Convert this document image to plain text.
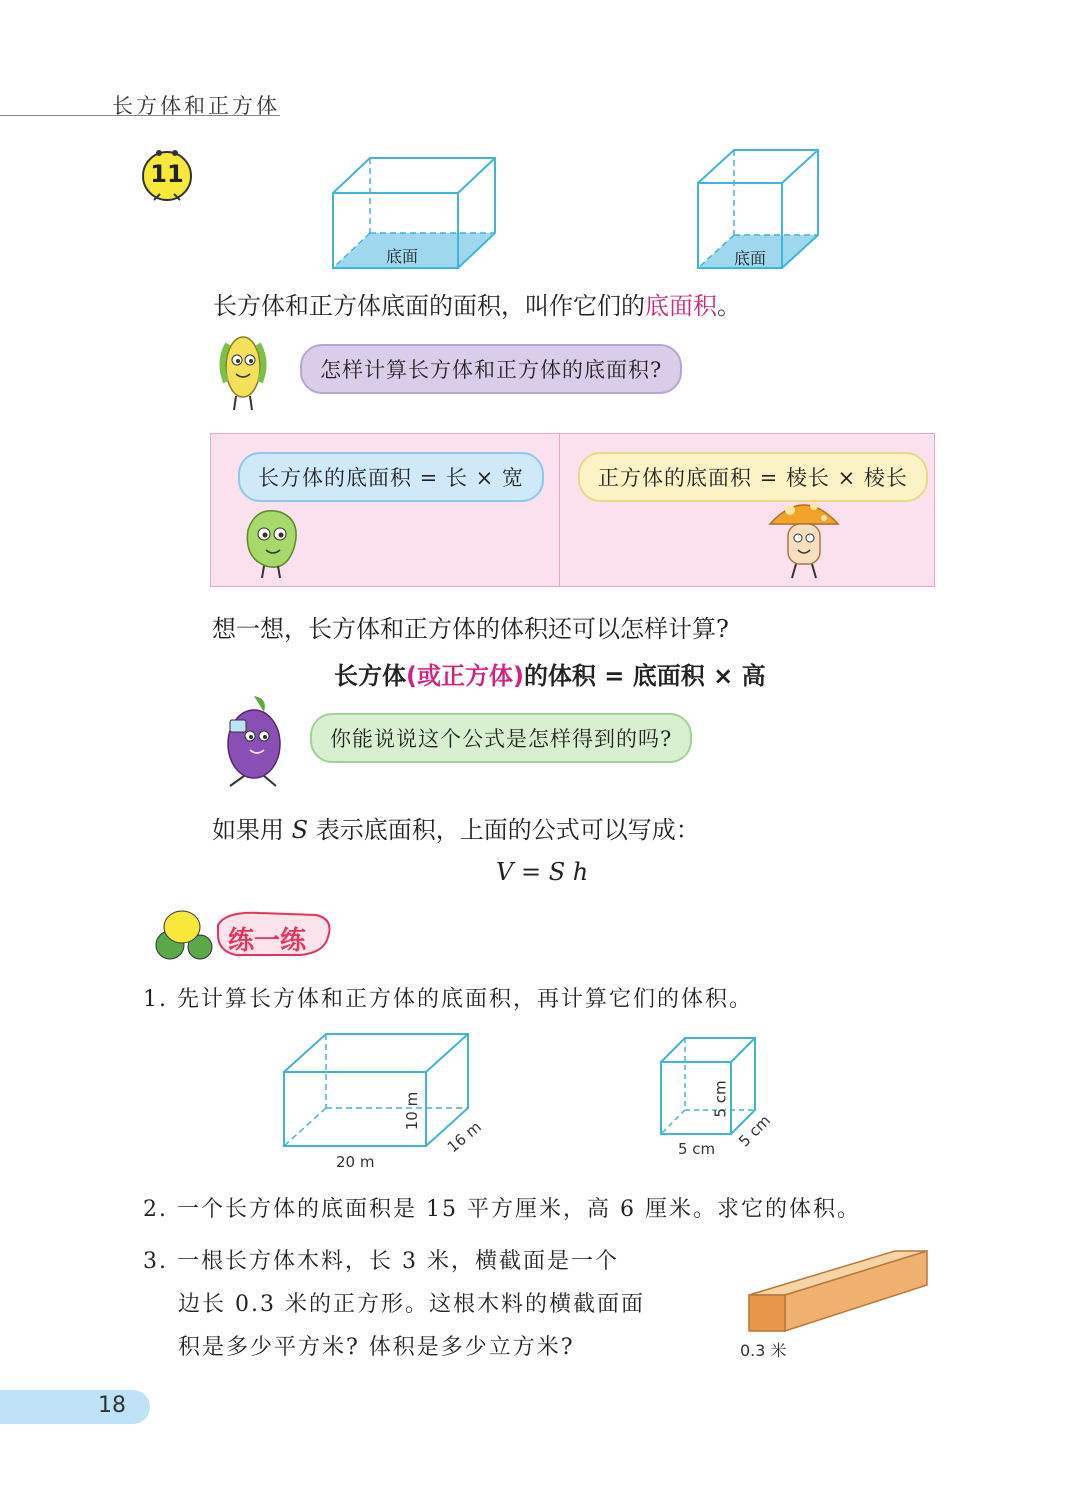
长方体和正方体
11
底面	底面
长方体和正方体底面的面积，叫作它们的底面积。
怎样计算长方体和正方体的底面积?
长方体的底面积 = 长 × 宽	正方体的底面积 = 棱长 × 棱长
想一想，长方体和正方体的体积还可以怎样计算?
长方体(或正方体)的体积 = 底面积 × 高
你能说说这个公式是怎样得到的吗?
如果用 S 表示底面积，上面的公式可以写成：
V = S h
练一练
1. 先计算长方体和正方体的底面积，再计算它们的体积。
20 m
16 m
10 m
5 cm 5 cm
5 cm
2. 一个长方体的底面积是 15 平方厘米，高 6 厘米。求它的体积。
3. 一根长方体木料，长 3 米，横截面是一个
边长 0.3 米的正方形。这根木料的横截面面
积是多少平方米? 体积是多少立方米?	0.3 米
18
